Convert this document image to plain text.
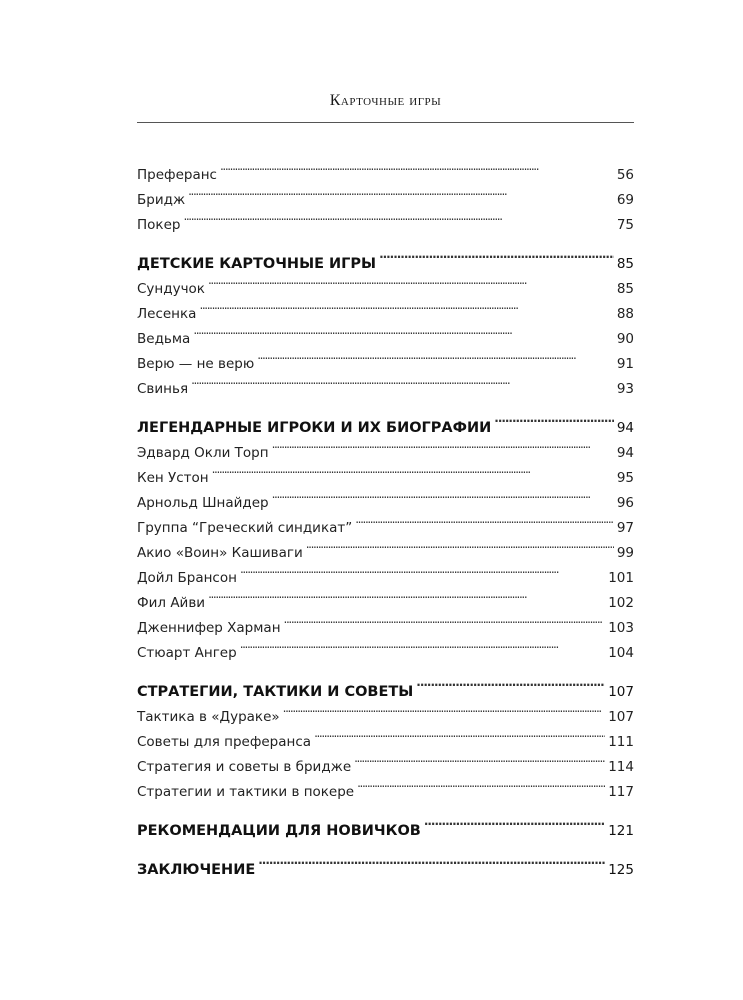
Карточные игры
Преферанс . . .	56
Бридж . . .	69
Покер . . .	75
ДЕТСКИЕ КАРТОЧНЫЕ ИГРЫ . . .	85
Сундучок . . .	85
Лесенка . . .	88
Ведьма . . .	90
Верю — не верю . . .	91
Свинья . . .	93
ЛЕГЕНДАРНЫЕ ИГРОКИ И ИХ БИОГРАФИИ . . .	94
Эдвард Окли Торп . . .	94
Кен Устон . . .	95
Арнольд Шнайдер . . .	96
Группа “Греческий синдикат” . . .	97
Акио «Воин» Кашиваги . . .	99
Дойл Брансон . . .	101
Фил Айви . . .	102
Дженнифер Харман . . .	103
Стюарт Ангер . . .	104
СТРАТЕГИИ, ТАКТИКИ И СОВЕТЫ . . .	107
Тактика в «Дураке» . . .	107
Советы для преферанса . . .	111
Стратегия и советы в бридже . . .	114
Стратегии и тактики в покере . . .	117
РЕКОМЕНДАЦИИ ДЛЯ НОВИЧКОВ . . .	121
ЗАКЛЮЧЕНИЕ . . .	125
